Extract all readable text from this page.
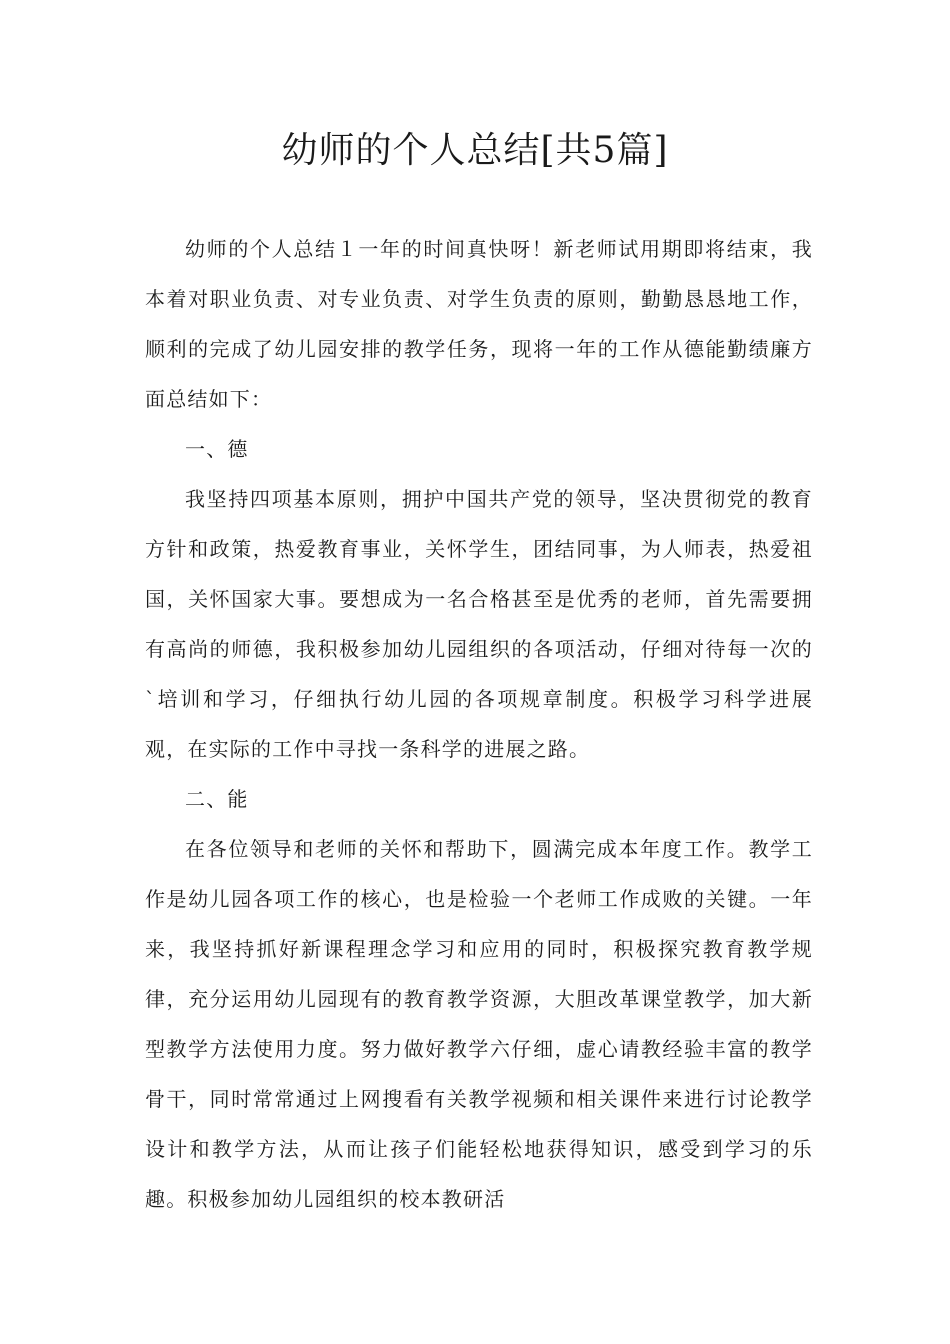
幼师的个人总结[共5篇]

幼师的个人总结１一年的时间真快呀！新老师试用期即将结束，我本着对职业负责、对专业负责、对学生负责的原则，勤勤恳恳地工作，顺利的完成了幼儿园安排的教学任务，现将一年的工作从德能勤绩廉方面总结如下：

一、德

我坚持四项基本原则，拥护中国共产党的领导，坚决贯彻党的教育方针和政策，热爱教育事业，关怀学生，团结同事，为人师表，热爱祖国，关怀国家大事。要想成为一名合格甚至是优秀的老师，首先需要拥有高尚的师德，我积极参加幼儿园组织的各项活动，仔细对待每一次的`培训和学习，仔细执行幼儿园的各项规章制度。积极学习科学进展观，在实际的工作中寻找一条科学的进展之路。

二、能

在各位领导和老师的关怀和帮助下，圆满完成本年度工作。教学工作是幼儿园各项工作的核心，也是检验一个老师工作成败的关键。一年来，我坚持抓好新课程理念学习和应用的同时，积极探究教育教学规律，充分运用幼儿园现有的教育教学资源，大胆改革课堂教学，加大新型教学方法使用力度。努力做好教学六仔细，虚心请教经验丰富的教学骨干，同时常常通过上网搜看有关教学视频和相关课件来进行讨论教学设计和教学方法，从而让孩子们能轻松地获得知识，感受到学习的乐趣。积极参加幼儿园组织的校本教研活
